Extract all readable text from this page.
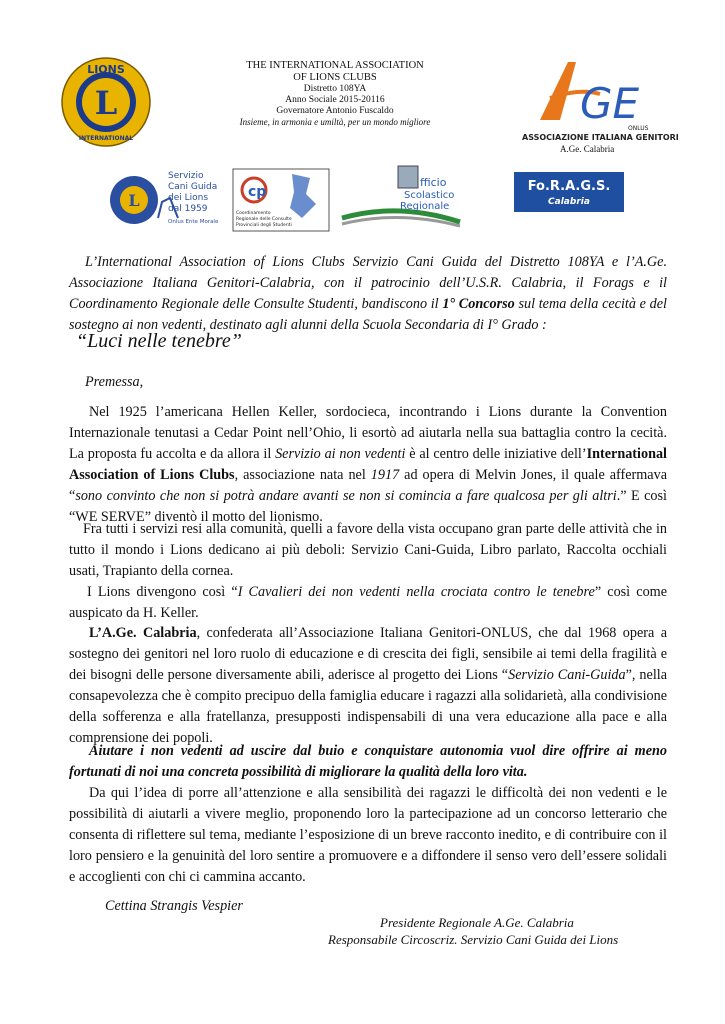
L
LIONS
INTERNATIONAL
THE INTERNATIONAL ASSOCIATION
OF LIONS CLUBS
Distretto 108YA
Anno Sociale 2015-20116
Governatore Antonio Fuscaldo
Insieme, in armonia e umiltà, per un mondo migliore	GE
ONLUS
ASSOCIAZIONE ITALIANA GENITORI
A.Ge. Calabria
L
Servizio
Cani Guida
dei Lions
dal 1959
Onlus Ente Morale
cp
Coordinamento
Regionale delle Consulte
Provinciali degli Studenti
fficio
Scolastico
Regionale
Fo.R.A.G.S.
Calabria
L’International Association of Lions Clubs Servizio Cani Guida del Distretto 108YA e l’A.Ge. Associazione Italiana Genitori-Calabria, con il patrocinio dell’U.S.R. Calabria, il Forags e il Coordinamento Regionale delle Consulte Studenti, bandiscono il 1° Concorso sul tema della cecità e del sostegno ai non vedenti, destinato agli alunni della Scuola Secondaria di I° Grado :
“Luci nelle tenebre”
Premessa,
Nel 1925 l’americana Hellen Keller, sordocieca, incontrando i Lions durante la Convention Internazionale tenutasi a Cedar Point nell’Ohio, li esortò ad aiutarla nella sua battaglia contro la cecità. La proposta fu accolta e da allora il Servizio ai non vedenti è al centro delle iniziative dell’International Association of Lions Clubs, associazione nata nel 1917 ad opera di Melvin Jones, il quale affermava “sono convinto che non si potrà andare avanti se non si comincia a fare qualcosa per gli altri.” E così “WE SERVE” diventò il motto del lionismo.
Fra tutti i servizi resi alla comunità, quelli a favore della vista occupano gran parte delle attività che in tutto il mondo i Lions dedicano ai più deboli: Servizio Cani-Guida, Libro parlato, Raccolta occhiali usati, Trapianto della cornea.
I Lions divengono così “I Cavalieri dei non vedenti nella crociata contro le tenebre” così come auspicato da H. Keller.
L’A.Ge. Calabria, confederata all’Associazione Italiana Genitori-ONLUS, che dal 1968 opera a sostegno dei genitori nel loro ruolo di educazione e di crescita dei figli, sensibile ai temi della fragilità e dei bisogni delle persone diversamente abili, aderisce al progetto dei Lions “Servizio Cani-Guida”, nella consapevolezza che è compito precipuo della famiglia educare i ragazzi alla solidarietà, alla condivisione della sofferenza e alla fratellanza, presupposti indispensabili di una vera educazione alla pace e alla comprensione dei popoli.
Aiutare i non vedenti ad uscire dal buio e conquistare autonomia vuol dire offrire ai meno fortunati di noi una concreta possibilità di migliorare la qualità della loro vita.
Da qui l’idea di porre all’attenzione e alla sensibilità dei ragazzi le difficoltà dei non vedenti e le possibilità di aiutarli a vivere meglio, proponendo loro la partecipazione ad un concorso letterario che consenta di riflettere sul tema, mediante l’esposizione di un breve racconto inedito, e di contribuire con il loro pensiero e la genuinità del loro sentire a promuovere e a diffondere il senso vero dell’essere solidali e accoglienti con chi ci cammina accanto.
Cettina Strangis Vespier
Presidente Regionale A.Ge. Calabria
Responsabile Circoscriz. Servizio Cani Guida dei Lions
